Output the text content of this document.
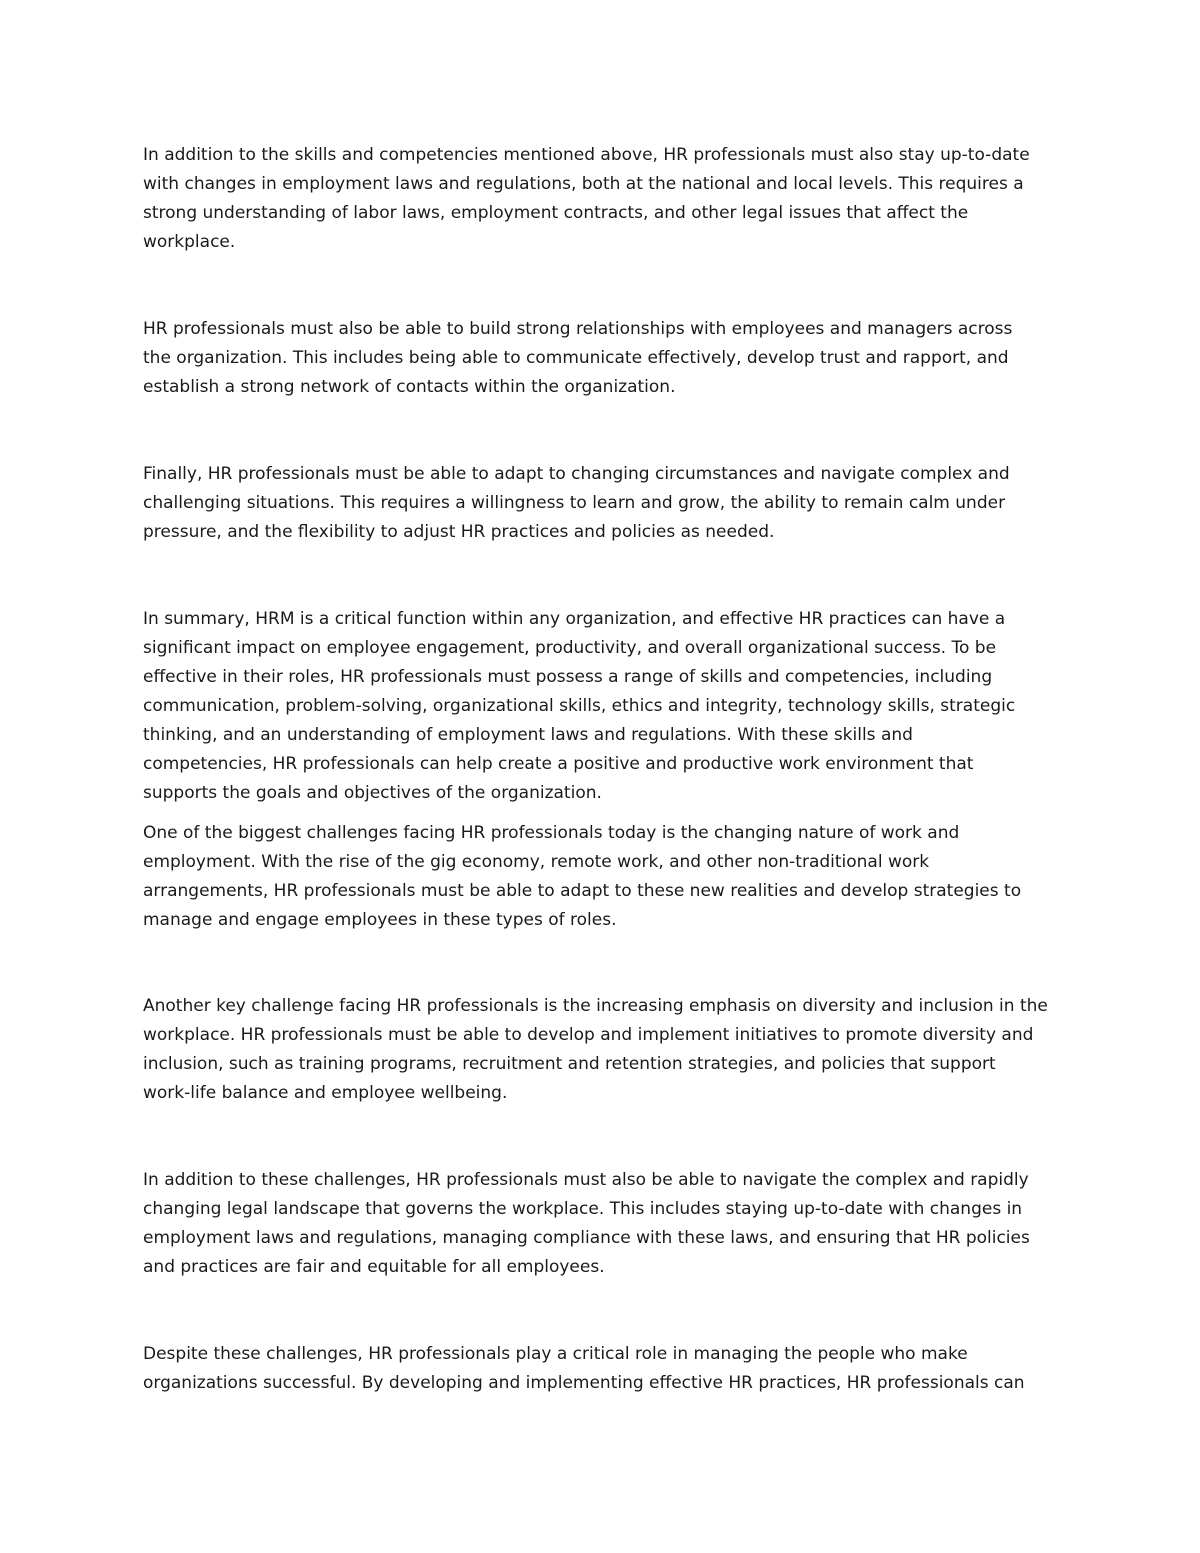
In addition to the skills and competencies mentioned above, HR professionals must also stay up-to-date
with changes in employment laws and regulations, both at the national and local levels. This requires a
strong understanding of labor laws, employment contracts, and other legal issues that affect the
workplace.

HR professionals must also be able to build strong relationships with employees and managers across
the organization. This includes being able to communicate effectively, develop trust and rapport, and
establish a strong network of contacts within the organization.

Finally, HR professionals must be able to adapt to changing circumstances and navigate complex and
challenging situations. This requires a willingness to learn and grow, the ability to remain calm under
pressure, and the flexibility to adjust HR practices and policies as needed.

In summary, HRM is a critical function within any organization, and effective HR practices can have a
significant impact on employee engagement, productivity, and overall organizational success. To be
effective in their roles, HR professionals must possess a range of skills and competencies, including
communication, problem-solving, organizational skills, ethics and integrity, technology skills, strategic
thinking, and an understanding of employment laws and regulations. With these skills and
competencies, HR professionals can help create a positive and productive work environment that
supports the goals and objectives of the organization.

One of the biggest challenges facing HR professionals today is the changing nature of work and
employment. With the rise of the gig economy, remote work, and other non-traditional work
arrangements, HR professionals must be able to adapt to these new realities and develop strategies to
manage and engage employees in these types of roles.

Another key challenge facing HR professionals is the increasing emphasis on diversity and inclusion in the
workplace. HR professionals must be able to develop and implement initiatives to promote diversity and
inclusion, such as training programs, recruitment and retention strategies, and policies that support
work-life balance and employee wellbeing.

In addition to these challenges, HR professionals must also be able to navigate the complex and rapidly
changing legal landscape that governs the workplace. This includes staying up-to-date with changes in
employment laws and regulations, managing compliance with these laws, and ensuring that HR policies
and practices are fair and equitable for all employees.

Despite these challenges, HR professionals play a critical role in managing the people who make
organizations successful. By developing and implementing effective HR practices, HR professionals can
